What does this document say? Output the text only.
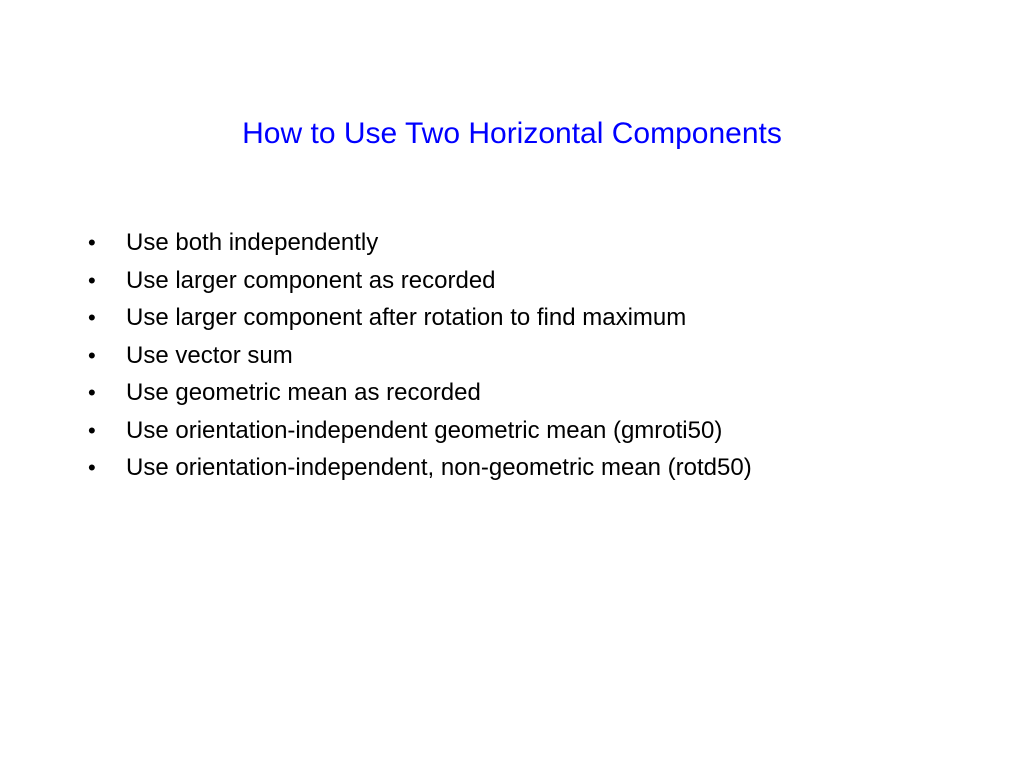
How to Use Two Horizontal Components
•	Use both independently
•	Use larger component as recorded
•	Use larger component after rotation to find maximum
•	Use vector sum
•	Use geometric mean as recorded
•	Use orientation-independent geometric mean (gmroti50)
•	Use orientation-independent, non-geometric mean (rotd50)
